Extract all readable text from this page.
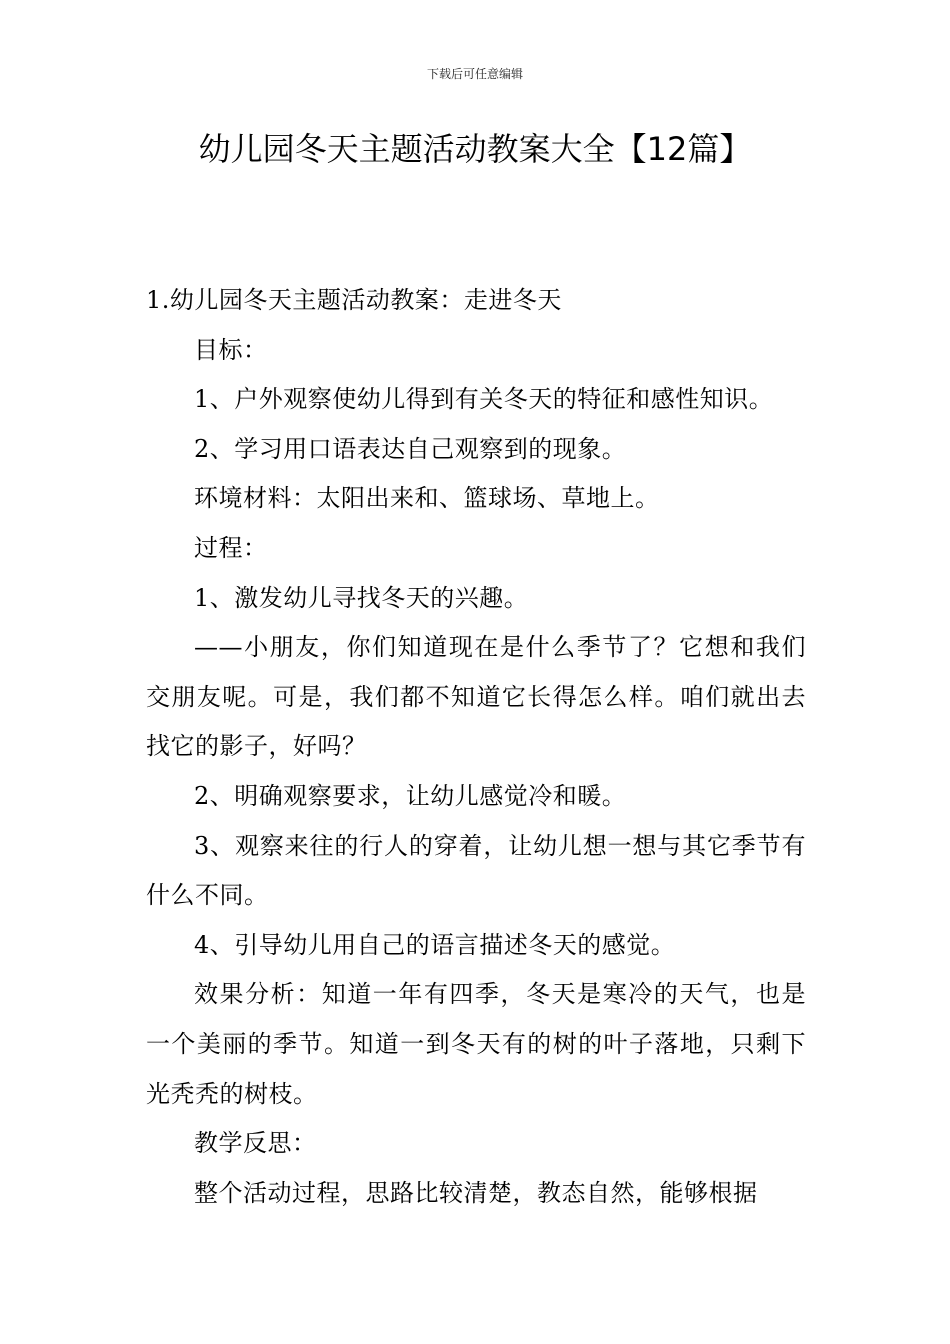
下载后可任意编辑
幼儿园冬天主题活动教案大全【12篇】

1.幼儿园冬天主题活动教案：走进冬天

目标：

1、户外观察使幼儿得到有关冬天的特征和感性知识。

2、学习用口语表达自己观察到的现象。

环境材料：太阳出来和、篮球场、草地上。

过程：

1、激发幼儿寻找冬天的兴趣。

——小朋友，你们知道现在是什么季节了？它想和我们交朋友呢。可是，我们都不知道它长得怎么样。咱们就出去找它的影子，好吗？

2、明确观察要求，让幼儿感觉冷和暖。

3、观察来往的行人的穿着，让幼儿想一想与其它季节有什么不同。

4、引导幼儿用自己的语言描述冬天的感觉。

效果分析：知道一年有四季，冬天是寒冷的天气，也是一个美丽的季节。知道一到冬天有的树的叶子落地，只剩下光秃秃的树枝。

教学反思：

整个活动过程，思路比较清楚，教态自然，能够根据
